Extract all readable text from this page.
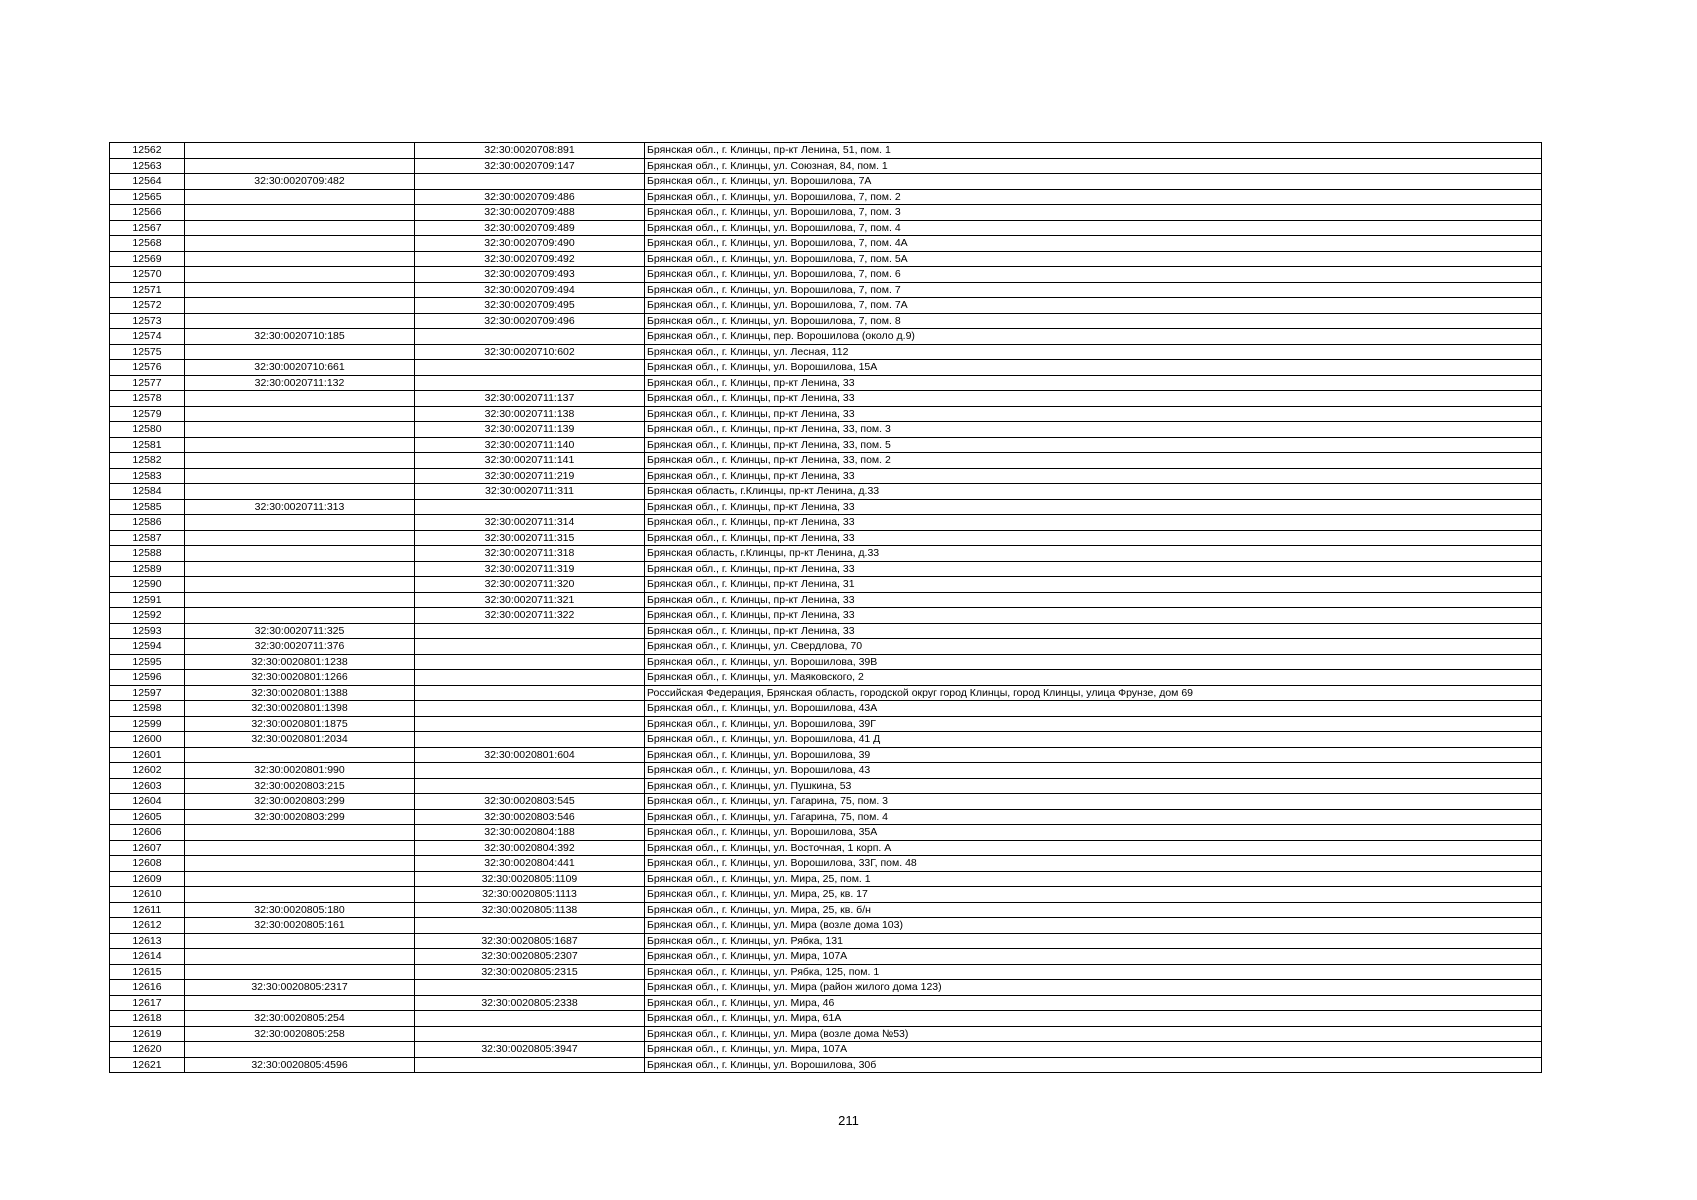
12562		32:30:0020708:891	Брянская обл., г. Клинцы, пр-кт Ленина, 51, пом. 1
12563		32:30:0020709:147	Брянская обл., г. Клинцы, ул. Союзная, 84, пом. 1
12564	32:30:0020709:482		Брянская обл., г. Клинцы, ул. Ворошилова, 7А
12565		32:30:0020709:486	Брянская обл., г. Клинцы, ул. Ворошилова, 7, пом. 2
12566		32:30:0020709:488	Брянская обл., г. Клинцы, ул. Ворошилова, 7, пом. 3
12567		32:30:0020709:489	Брянская обл., г. Клинцы, ул. Ворошилова, 7, пом. 4
12568		32:30:0020709:490	Брянская обл., г. Клинцы, ул. Ворошилова, 7, пом. 4А
12569		32:30:0020709:492	Брянская обл., г. Клинцы, ул. Ворошилова, 7, пом. 5А
12570		32:30:0020709:493	Брянская обл., г. Клинцы, ул. Ворошилова, 7, пом. 6
12571		32:30:0020709:494	Брянская обл., г. Клинцы, ул. Ворошилова, 7, пом. 7
12572		32:30:0020709:495	Брянская обл., г. Клинцы, ул. Ворошилова, 7, пом. 7А
12573		32:30:0020709:496	Брянская обл., г. Клинцы, ул. Ворошилова, 7, пом. 8
12574	32:30:0020710:185		Брянская обл., г. Клинцы, пер. Ворошилова (около д.9)
12575		32:30:0020710:602	Брянская обл., г. Клинцы, ул. Лесная, 112
12576	32:30:0020710:661		Брянская обл., г. Клинцы, ул. Ворошилова, 15А
12577	32:30:0020711:132		Брянская обл., г. Клинцы, пр-кт Ленина, 33
12578		32:30:0020711:137	Брянская обл., г. Клинцы, пр-кт Ленина, 33
12579		32:30:0020711:138	Брянская обл., г. Клинцы, пр-кт Ленина, 33
12580		32:30:0020711:139	Брянская обл., г. Клинцы, пр-кт Ленина, 33, пом. 3
12581		32:30:0020711:140	Брянская обл., г. Клинцы, пр-кт Ленина, 33, пом. 5
12582		32:30:0020711:141	Брянская обл., г. Клинцы, пр-кт Ленина, 33, пом. 2
12583		32:30:0020711:219	Брянская обл., г. Клинцы, пр-кт Ленина, 33
12584		32:30:0020711:311	Брянская область, г.Клинцы, пр-кт Ленина, д.33
12585	32:30:0020711:313		Брянская обл., г. Клинцы, пр-кт Ленина, 33
12586		32:30:0020711:314	Брянская обл., г. Клинцы, пр-кт Ленина, 33
12587		32:30:0020711:315	Брянская обл., г. Клинцы, пр-кт Ленина, 33
12588		32:30:0020711:318	Брянская область, г.Клинцы, пр-кт Ленина, д.33
12589		32:30:0020711:319	Брянская обл., г. Клинцы, пр-кт Ленина, 33
12590		32:30:0020711:320	Брянская обл., г. Клинцы, пр-кт Ленина, 31
12591		32:30:0020711:321	Брянская обл., г. Клинцы, пр-кт Ленина, 33
12592		32:30:0020711:322	Брянская обл., г. Клинцы, пр-кт Ленина, 33
12593	32:30:0020711:325		Брянская обл., г. Клинцы, пр-кт Ленина, 33
12594	32:30:0020711:376		Брянская обл., г. Клинцы, ул. Свердлова, 70
12595	32:30:0020801:1238		Брянская обл., г. Клинцы, ул. Ворошилова, 39В
12596	32:30:0020801:1266		Брянская обл., г. Клинцы, ул. Маяковского, 2
12597	32:30:0020801:1388		Российская Федерация, Брянская область, городской округ город Клинцы, город Клинцы, улица Фрунзе, дом 69
12598	32:30:0020801:1398		Брянская обл., г. Клинцы, ул. Ворошилова, 43А
12599	32:30:0020801:1875		Брянская обл., г. Клинцы, ул. Ворошилова, 39Г
12600	32:30:0020801:2034		Брянская обл., г. Клинцы, ул. Ворошилова, 41 Д
12601		32:30:0020801:604	Брянская обл., г. Клинцы, ул. Ворошилова, 39
12602	32:30:0020801:990		Брянская обл., г. Клинцы, ул. Ворошилова, 43
12603	32:30:0020803:215		Брянская обл., г. Клинцы, ул. Пушкина, 53
12604	32:30:0020803:299	32:30:0020803:545	Брянская обл., г. Клинцы, ул. Гагарина, 75, пом. 3
12605	32:30:0020803:299	32:30:0020803:546	Брянская обл., г. Клинцы, ул. Гагарина, 75, пом. 4
12606		32:30:0020804:188	Брянская обл., г. Клинцы, ул. Ворошилова, 35А
12607		32:30:0020804:392	Брянская обл., г. Клинцы, ул. Восточная, 1 корп. А
12608		32:30:0020804:441	Брянская обл., г. Клинцы, ул. Ворошилова, 33Г, пом. 48
12609		32:30:0020805:1109	Брянская обл., г. Клинцы, ул. Мира, 25, пом. 1
12610		32:30:0020805:1113	Брянская обл., г. Клинцы, ул. Мира, 25, кв. 17
12611	32:30:0020805:180	32:30:0020805:1138	Брянская обл., г. Клинцы, ул. Мира, 25, кв. б/н
12612	32:30:0020805:161		Брянская обл., г. Клинцы, ул. Мира (возле дома 103)
12613		32:30:0020805:1687	Брянская обл., г. Клинцы, ул. Рябка, 131
12614		32:30:0020805:2307	Брянская обл., г. Клинцы, ул. Мира, 107А
12615		32:30:0020805:2315	Брянская обл., г. Клинцы, ул. Рябка, 125, пом. 1
12616	32:30:0020805:2317		Брянская обл., г. Клинцы, ул. Мира (район жилого дома 123)
12617		32:30:0020805:2338	Брянская обл., г. Клинцы, ул. Мира, 46
12618	32:30:0020805:254		Брянская обл., г. Клинцы, ул. Мира, 61А
12619	32:30:0020805:258		Брянская обл., г. Клинцы, ул. Мира (возле дома №53)
12620		32:30:0020805:3947	Брянская обл., г. Клинцы, ул. Мира, 107А
12621	32:30:0020805:4596		Брянская обл., г. Клинцы, ул. Ворошилова, 30б
211
